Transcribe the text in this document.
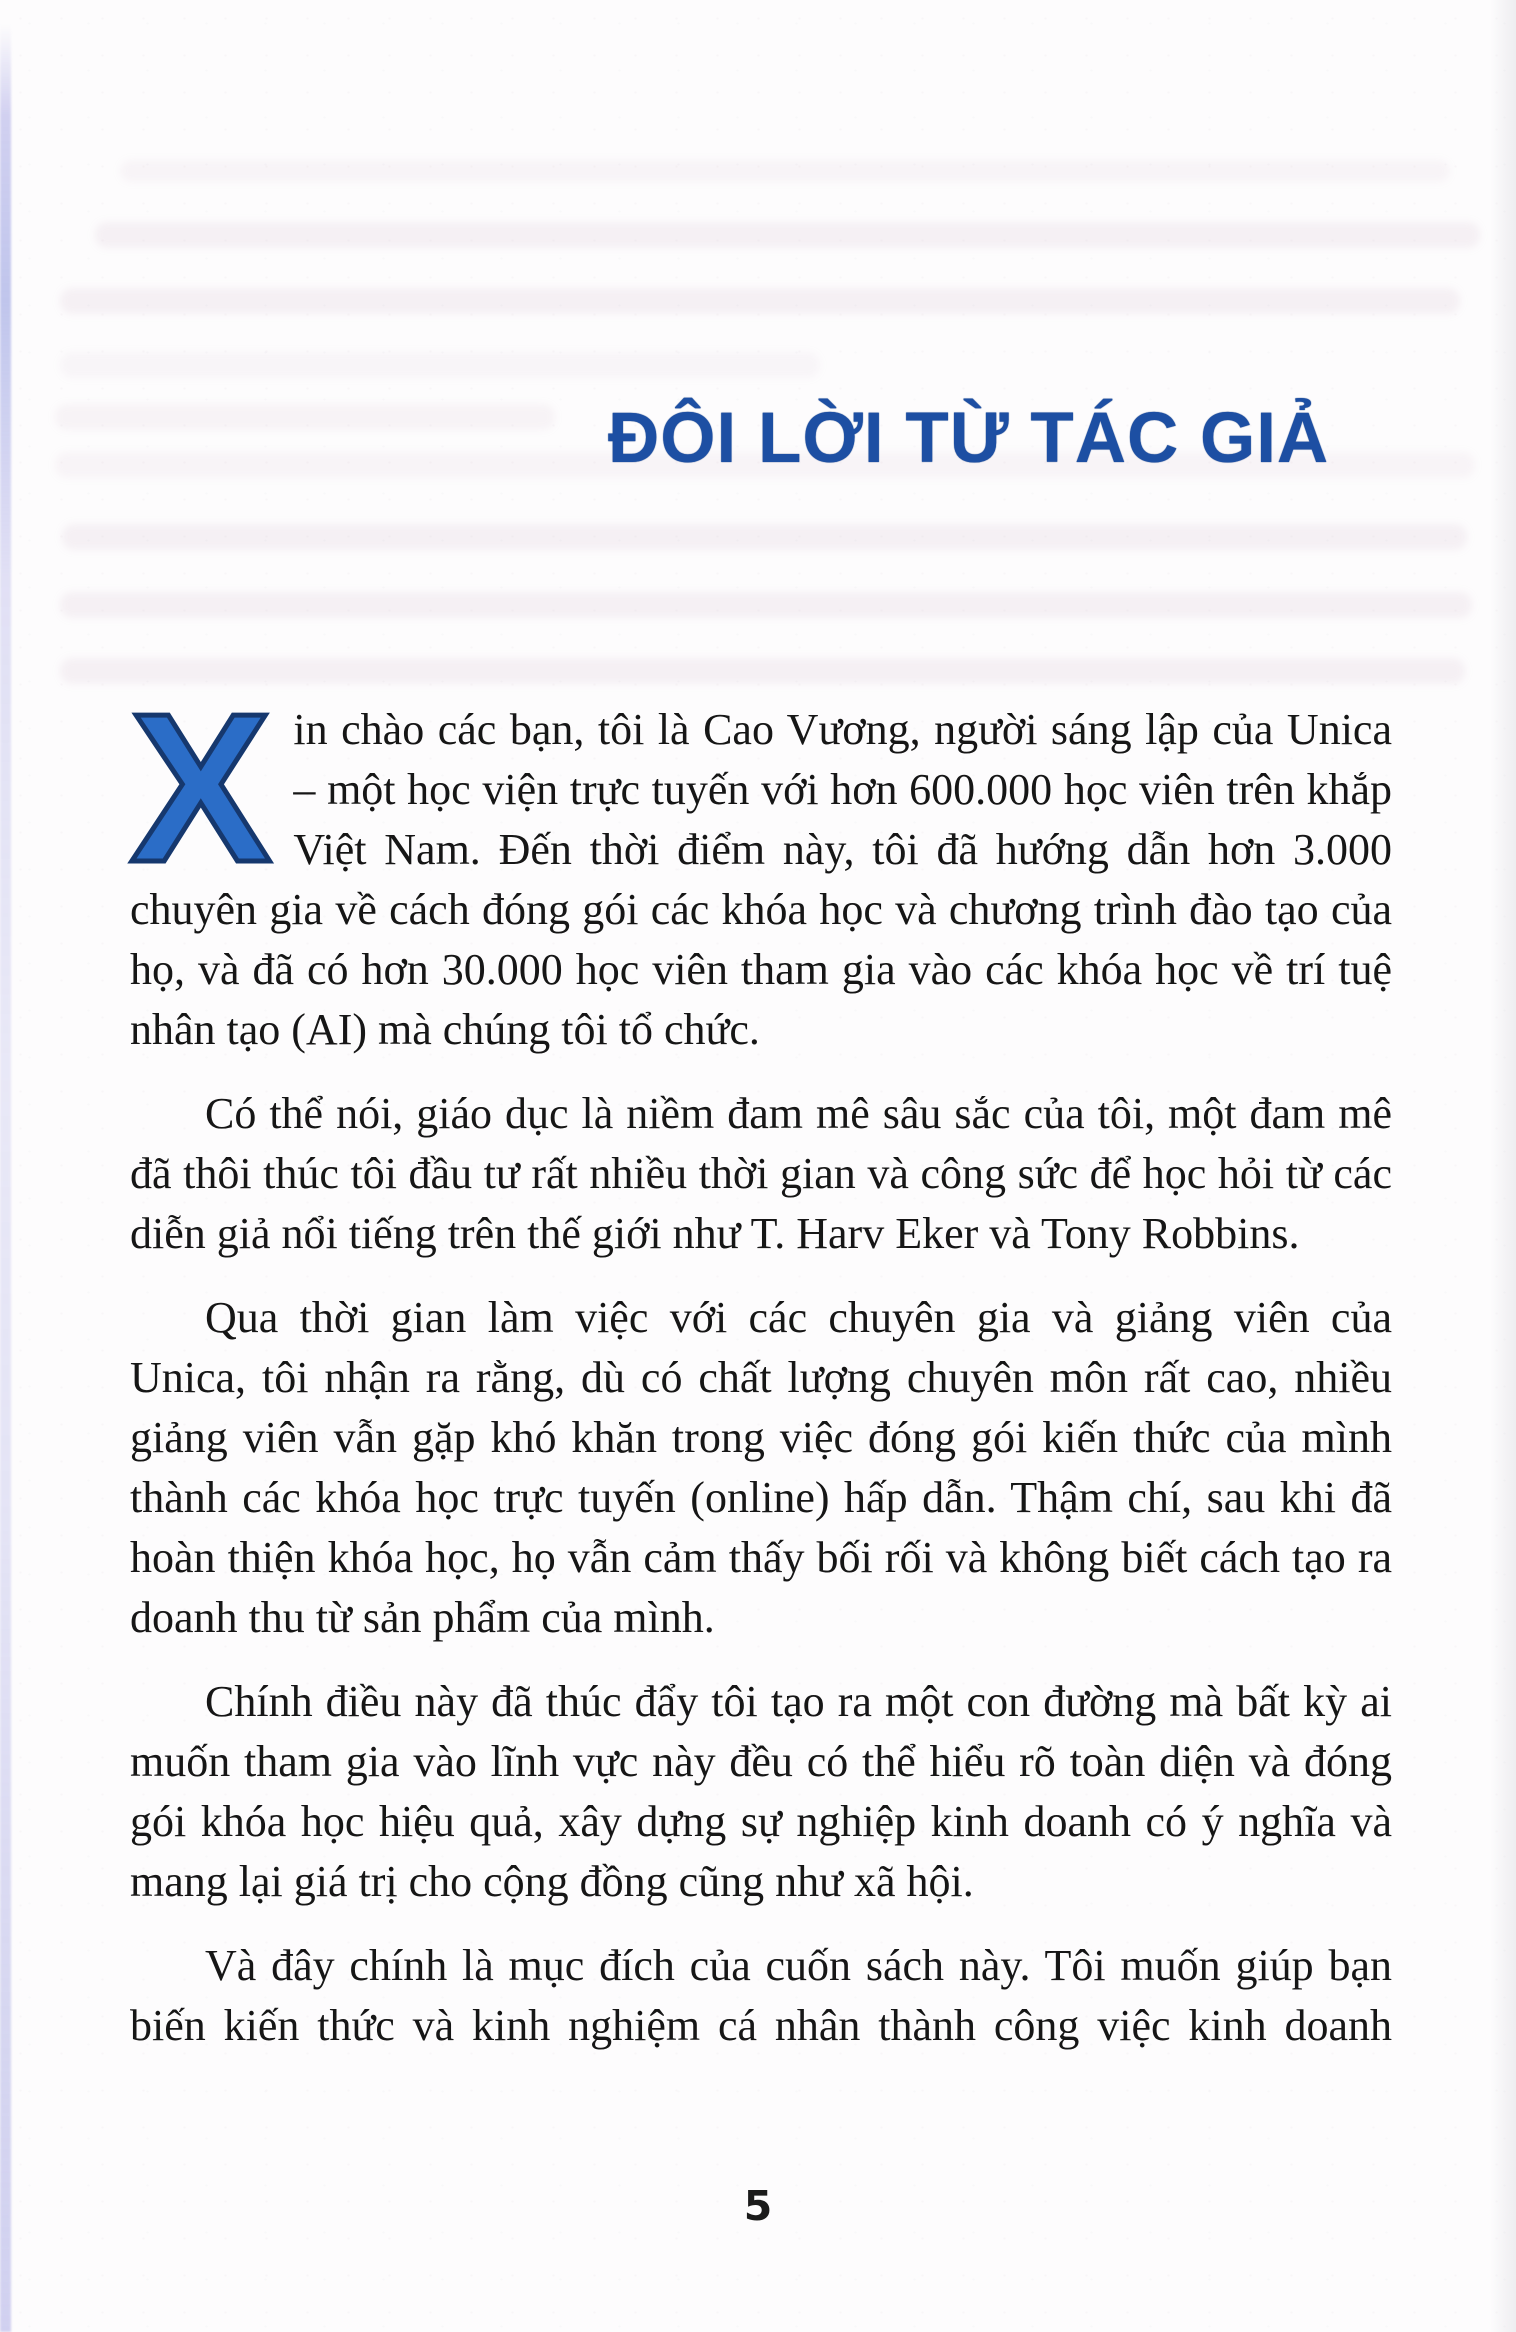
ĐÔI LỜI TỪ TÁC GIẢ

Xin chào các bạn, tôi là Cao Vương, người sáng lập của Unica – một học viện trực tuyến với hơn 600.000 học viên trên khắp Việt Nam. Đến thời điểm này, tôi đã hướng dẫn hơn 3.000 chuyên gia về cách đóng gói các khóa học và chương trình đào tạo của họ, và đã có hơn 30.000 học viên tham gia vào các khóa học về trí tuệ nhân tạo (AI) mà chúng tôi tổ chức.

Có thể nói, giáo dục là niềm đam mê sâu sắc của tôi, một đam mê đã thôi thúc tôi đầu tư rất nhiều thời gian và công sức để học hỏi từ các diễn giả nổi tiếng trên thế giới như T. Harv Eker và Tony Robbins.

Qua thời gian làm việc với các chuyên gia và giảng viên của Unica, tôi nhận ra rằng, dù có chất lượng chuyên môn rất cao, nhiều giảng viên vẫn gặp khó khăn trong việc đóng gói kiến thức của mình thành các khóa học trực tuyến (online) hấp dẫn. Thậm chí, sau khi đã hoàn thiện khóa học, họ vẫn cảm thấy bối rối và không biết cách tạo ra doanh thu từ sản phẩm của mình.

Chính điều này đã thúc đẩy tôi tạo ra một con đường mà bất kỳ ai muốn tham gia vào lĩnh vực này đều có thể hiểu rõ toàn diện và đóng gói khóa học hiệu quả, xây dựng sự nghiệp kinh doanh có ý nghĩa và mang lại giá trị cho cộng đồng cũng như xã hội.

Và đây chính là mục đích của cuốn sách này. Tôi muốn giúp bạn biến kiến thức và kinh nghiệm cá nhân thành công việc kinh doanh

5
